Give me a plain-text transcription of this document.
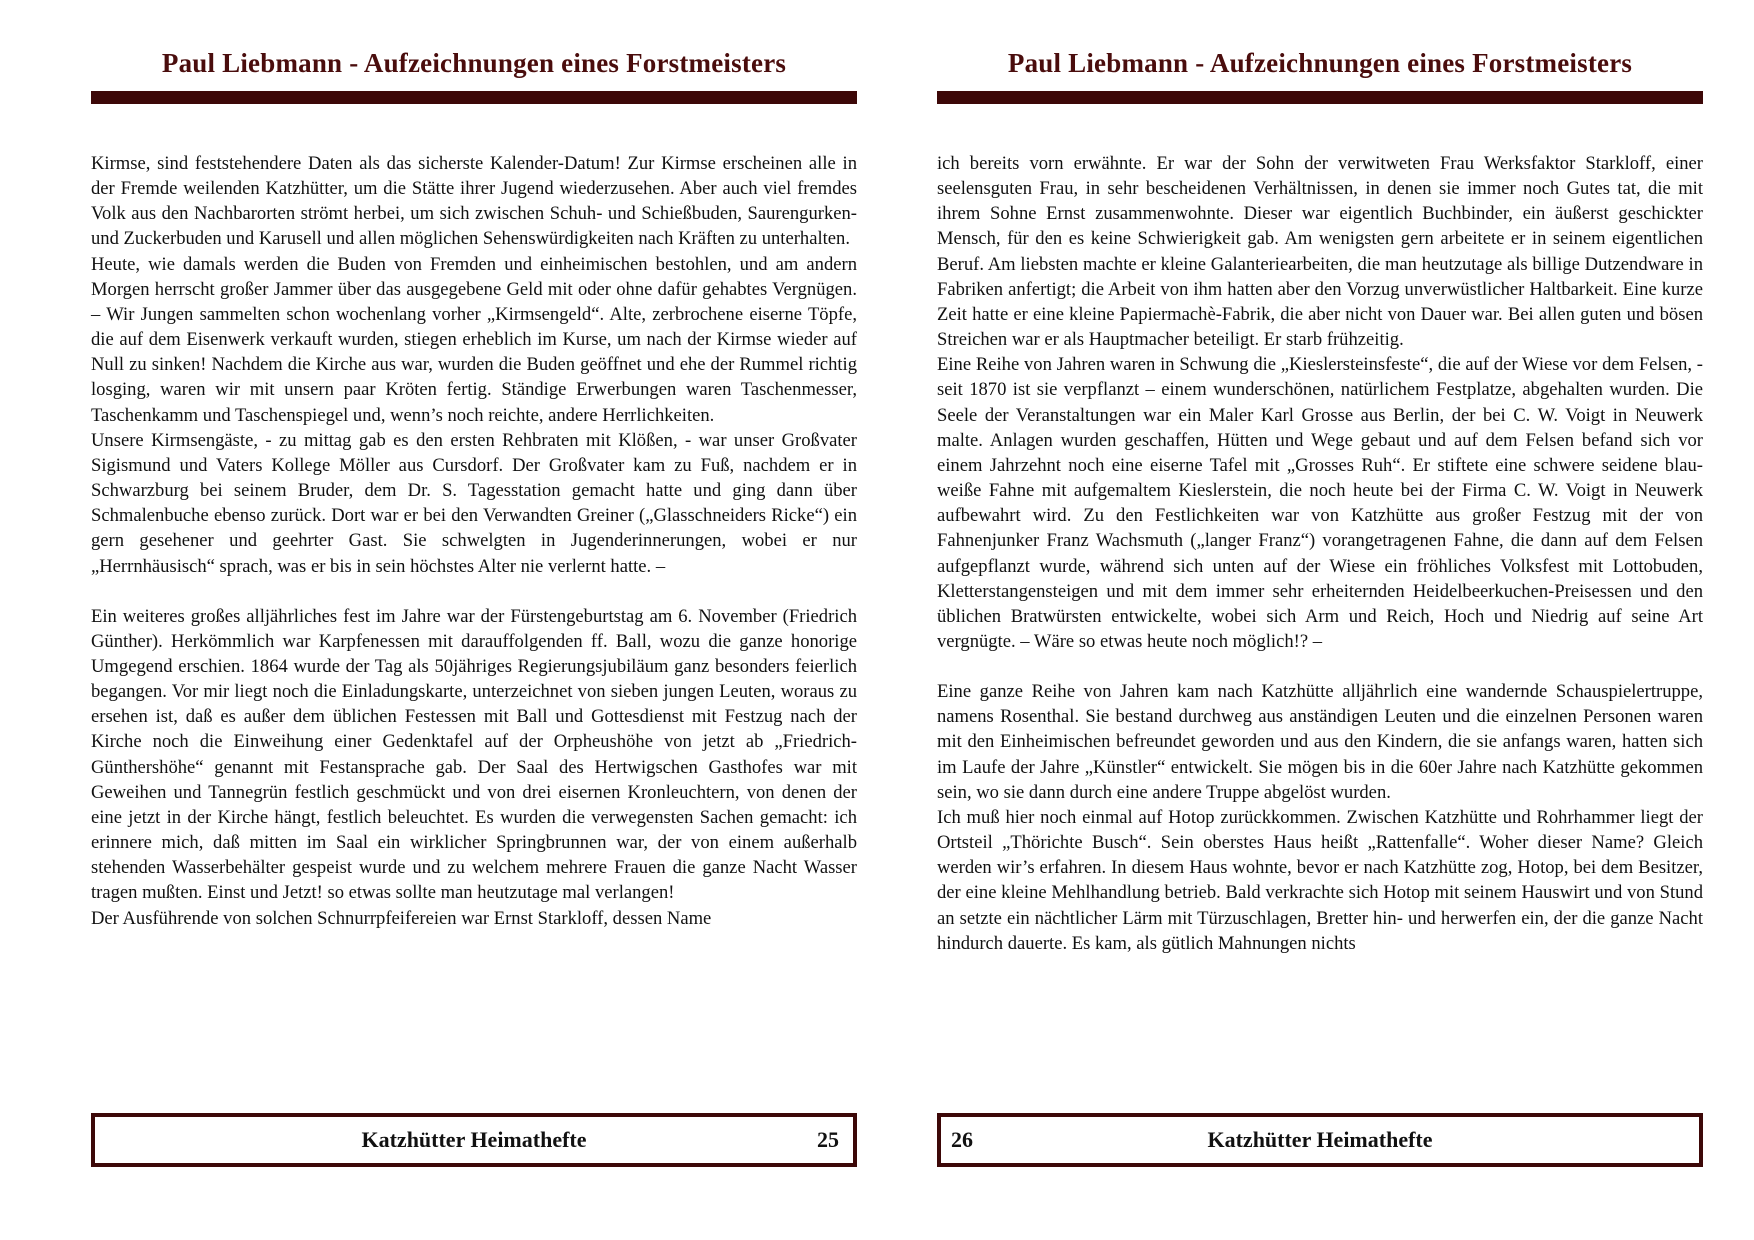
Paul Liebmann - Aufzeichnungen eines Forstmeisters

Kirmse, sind feststehendere Daten als das sicherste Kalender-Datum! Zur Kirmse erscheinen alle in der Fremde weilenden Katzhütter, um die Stätte ihrer Jugend wiederzusehen. Aber auch viel fremdes Volk aus den Nachbarorten strömt herbei, um sich zwischen Schuh- und Schießbuden, Saurengurken- und Zuckerbuden und Karusell und allen möglichen Sehenswürdigkeiten nach Kräften zu unterhalten.

Heute, wie damals werden die Buden von Fremden und einheimischen bestohlen, und am andern Morgen herrscht großer Jammer über das ausgegebene Geld mit oder ohne dafür gehabtes Vergnügen. – Wir Jungen sammelten schon wochenlang vorher „Kirmsengeld“. Alte, zerbrochene eiserne Töpfe, die auf dem Eisenwerk verkauft wurden, stiegen erheblich im Kurse, um nach der Kirmse wieder auf Null zu sinken! Nachdem die Kirche aus war, wurden die Buden geöffnet und ehe der Rummel richtig losging, waren wir mit unsern paar Kröten fertig. Ständige Erwerbungen waren Taschenmesser, Taschenkamm und Taschenspiegel und, wenn’s noch reichte, andere Herrlichkeiten.

Unsere Kirmsengäste, - zu mittag gab es den ersten Rehbraten mit Klößen, - war unser Großvater Sigismund und Vaters Kollege Möller aus Cursdorf. Der Großvater kam zu Fuß, nachdem er in Schwarzburg bei seinem Bruder, dem Dr. S. Tagesstation gemacht hatte und ging dann über Schmalenbuche ebenso zurück. Dort war er bei den Verwandten Greiner („Glasschneiders Ricke“) ein gern gesehener und geehrter Gast. Sie schwelgten in Jugenderinnerungen, wobei er nur „Herrnhäusisch“ sprach, was er bis in sein höchstes Alter nie verlernt hatte. –

Ein weiteres großes alljährliches fest im Jahre war der Fürstengeburtstag am 6. November (Friedrich Günther). Herkömmlich war Karpfenessen mit darauffolgenden ff. Ball, wozu die ganze honorige Umgegend erschien. 1864 wurde der Tag als 50jähriges Regierungsjubiläum ganz besonders feierlich begangen. Vor mir liegt noch die Einladungskarte, unterzeichnet von sieben jungen Leuten, woraus zu ersehen ist, daß es außer dem üblichen Festessen mit Ball und Gottesdienst mit Festzug nach der Kirche noch die Einweihung einer Gedenktafel auf der Orpheushöhe von jetzt ab „Friedrich-Günthershöhe“ genannt mit Festansprache gab. Der Saal des Hertwigschen Gasthofes war mit Geweihen und Tannegrün festlich geschmückt und von drei eisernen Kronleuchtern, von denen der eine jetzt in der Kirche hängt, festlich beleuchtet. Es wurden die verwegensten Sachen gemacht: ich erinnere mich, daß mitten im Saal ein wirklicher Springbrunnen war, der von einem außerhalb stehenden Wasserbehälter gespeist wurde und zu welchem mehrere Frauen die ganze Nacht Wasser tragen mußten. Einst und Jetzt! so etwas sollte man heutzutage mal verlangen!

Der Ausführende von solchen Schnurrpfeifereien war Ernst Starkloff, dessen Name

Katzhütter Heimathefte	25
Paul Liebmann - Aufzeichnungen eines Forstmeisters

ich bereits vorn erwähnte. Er war der Sohn der verwitweten Frau Werksfaktor Starkloff, einer seelensguten Frau, in sehr bescheidenen Verhältnissen, in denen sie immer noch Gutes tat, die mit ihrem Sohne Ernst zusammenwohnte. Dieser war eigentlich Buchbinder, ein äußerst geschickter Mensch, für den es keine Schwierigkeit gab. Am wenigsten gern arbeitete er in seinem eigentlichen Beruf. Am liebsten machte er kleine Galanteriearbeiten, die man heutzutage als billige Dutzendware in Fabriken anfertigt; die Arbeit von ihm hatten aber den Vorzug unverwüstlicher Haltbarkeit. Eine kurze Zeit hatte er eine kleine Papiermachè-Fabrik, die aber nicht von Dauer war. Bei allen guten und bösen Streichen war er als Hauptmacher beteiligt. Er starb frühzeitig.

Eine Reihe von Jahren waren in Schwung die „Kieslersteinsfeste“, die auf der Wiese vor dem Felsen, - seit 1870 ist sie verpflanzt – einem wunderschönen, natürlichem Festplatze, abgehalten wurden. Die Seele der Veranstaltungen war ein Maler Karl Grosse aus Berlin, der bei C. W. Voigt in Neuwerk malte. Anlagen wurden geschaffen, Hütten und Wege gebaut und auf dem Felsen befand sich vor einem Jahrzehnt noch eine eiserne Tafel mit „Grosses Ruh“. Er stiftete eine schwere seidene blau-weiße Fahne mit aufgemaltem Kieslerstein, die noch heute bei der Firma C. W. Voigt in Neuwerk aufbewahrt wird. Zu den Festlichkeiten war von Katzhütte aus großer Festzug mit der von Fahnenjunker Franz Wachsmuth („langer Franz“) vorangetragenen Fahne, die dann auf dem Felsen aufgepflanzt wurde, während sich unten auf der Wiese ein fröhliches Volksfest mit Lottobuden, Kletterstangensteigen und mit dem immer sehr erheiternden Heidelbeerkuchen-Preisessen und den üblichen Bratwürsten entwickelte, wobei sich Arm und Reich, Hoch und Niedrig auf seine Art vergnügte. – Wäre so etwas heute noch möglich!? –

Eine ganze Reihe von Jahren kam nach Katzhütte alljährlich eine wandernde Schauspielertruppe, namens Rosenthal. Sie bestand durchweg aus anständigen Leuten und die einzelnen Personen waren mit den Einheimischen befreundet geworden und aus den Kindern, die sie anfangs waren, hatten sich im Laufe der Jahre „Künstler“ entwickelt. Sie mögen bis in die 60er Jahre nach Katzhütte gekommen sein, wo sie dann durch eine andere Truppe abgelöst wurden.

Ich muß hier noch einmal auf Hotop zurückkommen. Zwischen Katzhütte und Rohrhammer liegt der Ortsteil „Thörichte Busch“. Sein oberstes Haus heißt „Rattenfalle“. Woher dieser Name? Gleich werden wir’s erfahren. In diesem Haus wohnte, bevor er nach Katzhütte zog, Hotop, bei dem Besitzer, der eine kleine Mehlhandlung betrieb. Bald verkrachte sich Hotop mit seinem Hauswirt und von Stund an setzte ein nächtlicher Lärm mit Türzuschlagen, Bretter hin- und herwerfen ein, der die ganze Nacht hindurch dauerte. Es kam, als gütlich Mahnungen nichts

26	Katzhütter Heimathefte
